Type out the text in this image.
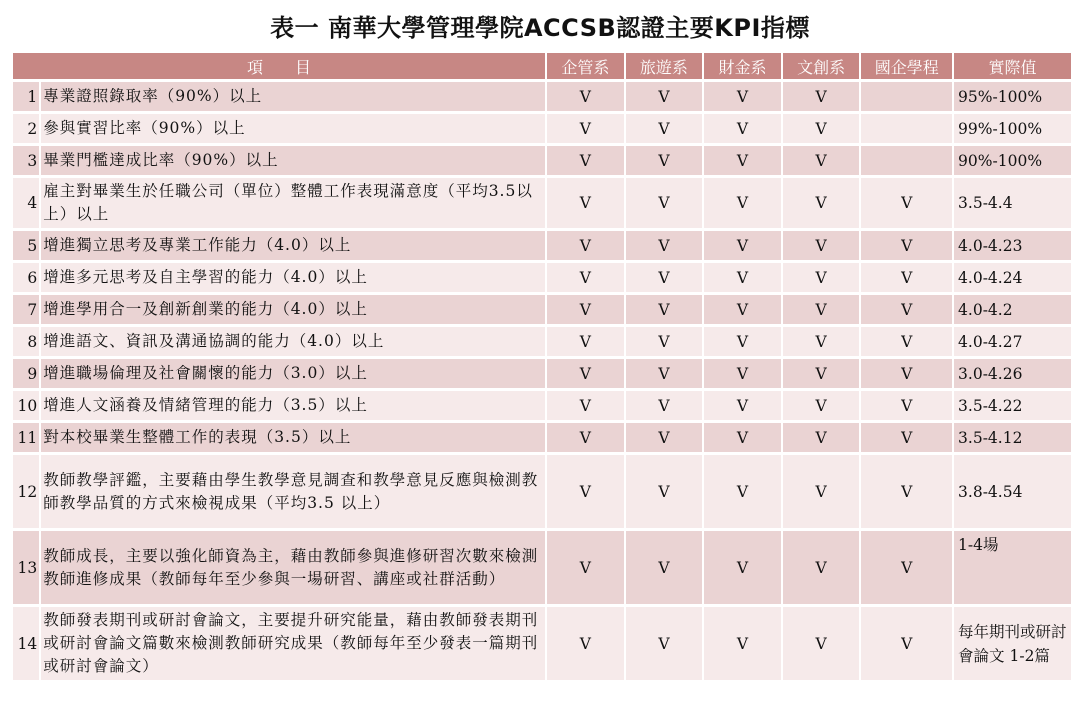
表一 南華大學管理學院ACCSB認證主要KPI指標
項　　目		企管系	旅遊系	財金系	文創系	國企學程	實際值
1	專業證照錄取率（90%）以上	V	V	V	V		95%-100%
2	參與實習比率（90%）以上	V	V	V	V		99%-100%
3	畢業門檻達成比率（90%）以上	V	V	V	V		90%-100%
4	雇主對畢業生於任職公司（單位）整體工作表現滿意度（平均3.5以上）以上	V	V	V	V	V	3.5-4.4
5	增進獨立思考及專業工作能力（4.0）以上	V	V	V	V	V	4.0-4.23
6	增進多元思考及自主學習的能力（4.0）以上	V	V	V	V	V	4.0-4.24
7	增進學用合一及創新創業的能力（4.0）以上	V	V	V	V	V	4.0-4.2
8	增進語文、資訊及溝通協調的能力（4.0）以上	V	V	V	V	V	4.0-4.27
9	增進職場倫理及社會關懷的能力（3.0）以上	V	V	V	V	V	3.0-4.26
10	增進人文涵養及情緒管理的能力（3.5）以上	V	V	V	V	V	3.5-4.22
11	對本校畢業生整體工作的表現（3.5）以上	V	V	V	V	V	3.5-4.12
12	教師教學評鑑，主要藉由學生教學意見調查和教學意見反應與檢測教師教學品質的方式來檢視成果（平均3.5 以上）	V	V	V	V	V	3.8-4.54
13	教師成長，主要以強化師資為主，藉由教師參與進修研習次數來檢測教師進修成果（教師每年至少參與一場研習、講座或社群活動）	V	V	V	V	V	1-4場
14	教師發表期刊或研討會論文，主要提升研究能量，藉由教師發表期刊或研討會論文篇數來檢測教師研究成果（教師每年至少發表一篇期刊或研討會論文）	V	V	V	V	V	每年期刊或研討會論文 1-2篇
